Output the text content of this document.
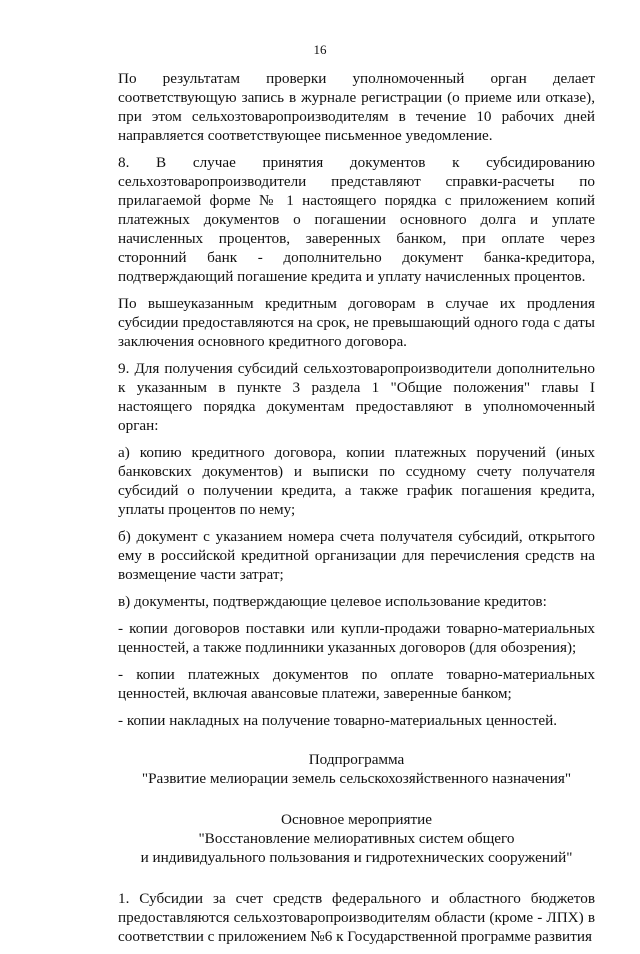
16

По результатам проверки уполномоченный орган делает соответствующую запись в журнале регистрации (о приеме или отказе), при этом сельхозтоваропроизводителям в течение 10 рабочих дней направляется соответствующее письменное уведомление.

8. В случае принятия документов к субсидированию сельхозтоваропроизводители представляют справки-расчеты по прилагаемой форме № 1 настоящего порядка с приложением копий платежных документов о погашении основного долга и уплате начисленных процентов, заверенных банком, при оплате через сторонний банк - дополнительно документ банка-кредитора, подтверждающий погашение кредита и уплату начисленных процентов.

По вышеуказанным кредитным договорам в случае их продления субсидии предоставляются на срок, не превышающий одного года с даты заключения основного кредитного договора.

9. Для получения субсидий сельхозтоваропроизводители дополнительно к указанным в пункте 3 раздела 1 "Общие положения" главы I настоящего порядка документам предоставляют в уполномоченный орган:

а) копию кредитного договора, копии платежных поручений (иных банковских документов) и выписки по ссудному счету получателя субсидий о получении кредита, а также график погашения кредита, уплаты процентов по нему;

б) документ с указанием номера счета получателя субсидий, открытого ему в российской кредитной организации для перечисления средств на возмещение части затрат;

в) документы, подтверждающие целевое использование кредитов:

- копии договоров поставки или купли-продажи товарно-материальных ценностей, а также подлинники указанных договоров (для обозрения);

- копии платежных документов по оплате товарно-материальных ценностей, включая авансовые платежи, заверенные банком;

- копии накладных на получение товарно-материальных ценностей.

Подпрограмма

"Развитие мелиорации земель сельскохозяйственного назначения"

Основное мероприятие

"Восстановление мелиоративных систем общего

и индивидуального пользования и гидротехнических сооружений"

1. Субсидии за счет средств федерального и областного бюджетов предоставляются сельхозтоваропроизводителям области (кроме - ЛПХ) в соответствии с приложением №6 к Государственной программе развития
